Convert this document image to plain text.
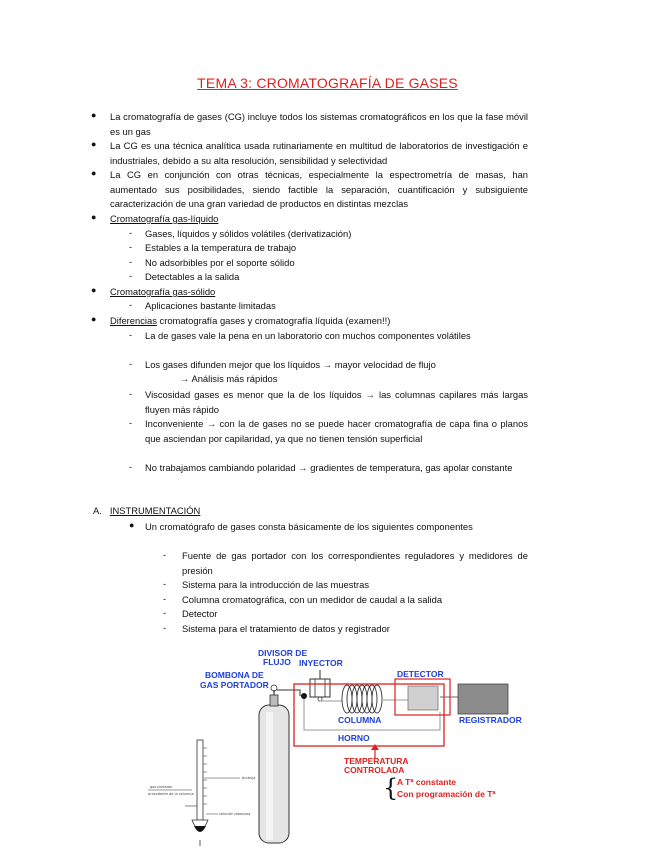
TEMA 3: CROMATOGRAFÍA DE GASES
● La cromatografía de gases (CG) incluye todos los sistemas cromatográficos en los que la fase móvil es un gas
● La CG es una técnica analítica usada rutinariamente en multitud de laboratorios de investigación e industriales, debido a su alta resolución, sensibilidad y selectividad
● La CG en conjunción con otras técnicas, especialmente la espectrometría de masas, han aumentado sus posibilidades, siendo factible la separación, cuantificación y subsiguiente caracterización de una gran variedad de productos en distintas mezclas
● Cromatografía gas-líquido
- Gases, líquidos y sólidos volátiles (derivatización)
- Estables a la temperatura de trabajo
- No adsorbibles por el soporte sólido
- Detectables a la salida
● Cromatografía gas-sólido
- Aplicaciones bastante limitadas
● Diferencias cromatografía gases y cromatografía líquida (examen!!)
- La de gases vale la pena en un laboratorio con muchos componentes volátiles
- Los gases difunden mejor que los líquidos → mayor velocidad de flujo
→ Análisis más rápidos
- Viscosidad gases es menor que la de los líquidos → las columnas capilares más largas fluyen más rápido
- Inconveniente → con la de gases no se puede hacer cromatografía de capa fina o planos que asciendan por capilaridad, ya que no tienen tensión superficial
- No trabajamos cambiando polaridad → gradientes de temperatura, gas apolar constante
A. INSTRUMENTACIÓN
● Un cromatógrafo de gases consta básicamente de los siguientes componentes
- Fuente de gas portador con los correspondientes reguladores y medidores de presión
- Sistema para la introducción de las muestras
- Columna cromatográfica, con un medidor de caudal a la salida
- Detector
- Sistema para el tratamiento de datos y registrador
{
DIVISOR DE
FLUJO INYECTOR
DETECTOR
BOMBONA DE
GAS PORTADOR
COLUMNA	REGISTRADOR
HORNO
TEMPERATURA
CONTROLADA
A Tª constante
Con programación de Tª
gas portador
procedente de la columna
burbuja
solución jabonosa
